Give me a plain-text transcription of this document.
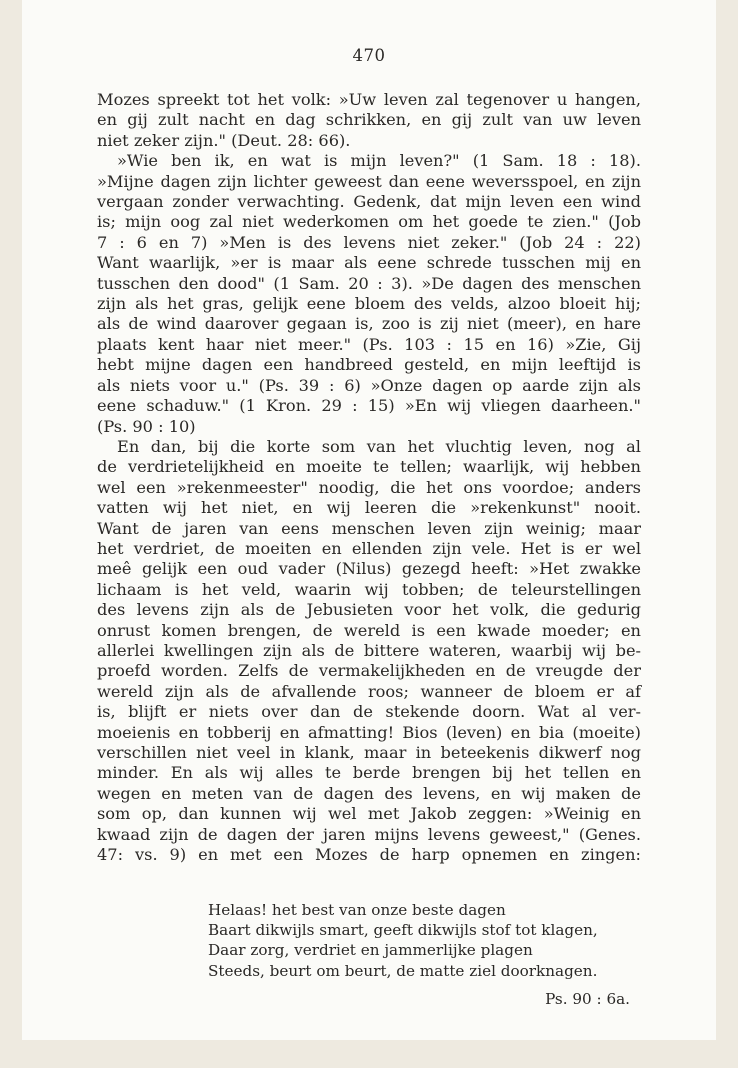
470

Mozes spreekt tot het volk: »Uw leven zal tegenover u hangen,

en gij zult nacht en dag schrikken, en gij zult van uw leven

niet zeker zijn." (Deut. 28: 66).

»Wie ben ik, en wat is mijn leven?" (1 Sam. 18 : 18).

»Mijne dagen zijn lichter geweest dan eene weversspoel, en zijn

vergaan zonder verwachting. Gedenk, dat mijn leven een wind

is; mijn oog zal niet wederkomen om het goede te zien." (Job

7 : 6 en 7) »Men is des levens niet zeker." (Job 24 : 22)

Want waarlijk, »er is maar als eene schrede tusschen mij en

tusschen den dood" (1 Sam. 20 : 3). »De dagen des menschen

zijn als het gras, gelijk eene bloem des velds, alzoo bloeit hij;

als de wind daarover gegaan is, zoo is zij niet (meer), en hare

plaats kent haar niet meer." (Ps. 103 : 15 en 16) »Zie, Gij

hebt mijne dagen een handbreed gesteld, en mijn leeftijd is

als niets voor u." (Ps. 39 : 6) »Onze dagen op aarde zijn als

eene schaduw." (1 Kron. 29 : 15) »En wij vliegen daarheen."

(Ps. 90 : 10)

En dan, bij die korte som van het vluchtig leven, nog al

de verdrietelijkheid en moeite te tellen; waarlijk, wij hebben

wel een »rekenmeester" noodig, die het ons voordoe; anders

vatten wij het niet, en wij leeren die »rekenkunst" nooit.

Want de jaren van eens menschen leven zijn weinig; maar

het verdriet, de moeiten en ellenden zijn vele. Het is er wel

meê gelijk een oud vader (Nilus) gezegd heeft: »Het zwakke

lichaam is het veld, waarin wij tobben; de teleurstellingen

des levens zijn als de Jebusieten voor het volk, die gedurig

onrust komen brengen, de wereld is een kwade moeder; en

allerlei kwellingen zijn als de bittere wateren, waarbij wij be-

proefd worden. Zelfs de vermakelijkheden en de vreugde der

wereld zijn als de afvallende roos; wanneer de bloem er af

is, blijft er niets over dan de stekende doorn. Wat al ver-

moeienis en tobberij en afmatting! Bios (leven) en bia (moeite)

verschillen niet veel in klank, maar in beteekenis dikwerf nog

minder. En als wij alles te berde brengen bij het tellen en

wegen en meten van de dagen des levens, en wij maken de

som op, dan kunnen wij wel met Jakob zeggen: »Weinig en

kwaad zijn de dagen der jaren mijns levens geweest," (Genes.

47: vs. 9) en met een Mozes de harp opnemen en zingen:

Helaas! het best van onze beste dagen
Baart dikwijls smart, geeft dikwijls stof tot klagen,
Daar zorg, verdriet en jammerlijke plagen
Steeds, beurt om beurt, de matte ziel doorknagen.
Ps. 90 : 6a.
